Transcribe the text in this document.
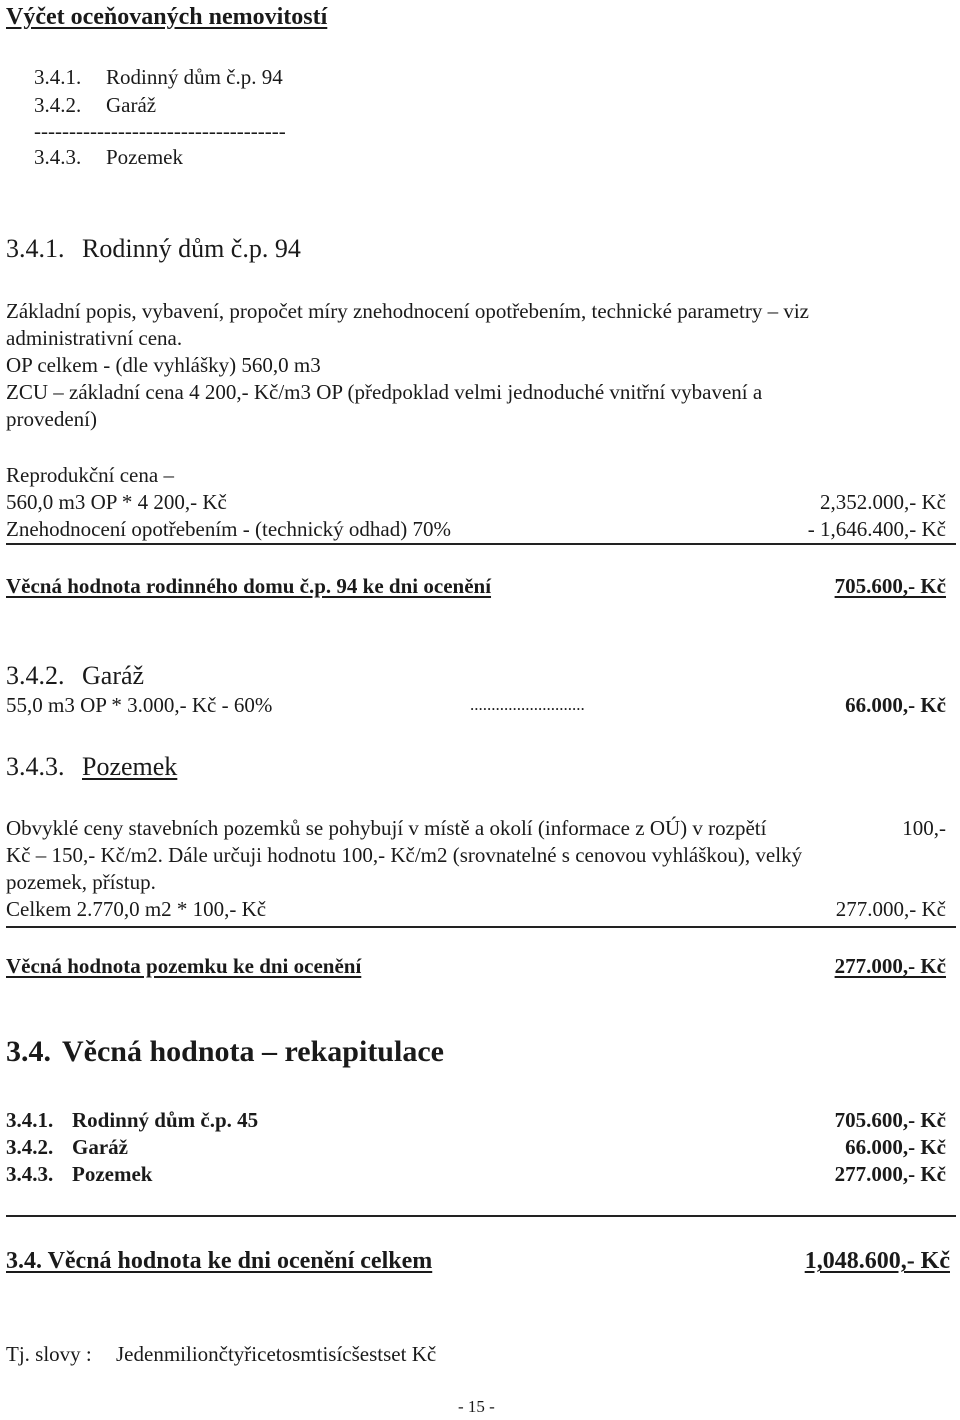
Výčet oceňovaných nemovitostí
3.4.1. Rodinný dům č.p. 94
3.4.2. Garáž
------------------------------------
3.4.3. Pozemek
3.4.1. Rodinný dům č.p. 94
Základní popis, vybavení, propočet míry znehodnocení opotřebením, technické parametry – viz
administrativní cena.
OP celkem - (dle vyhlášky) 560,0 m3
ZCU – základní cena 4 200,- Kč/m3 OP (předpoklad velmi jednoduché vnitřní vybavení a
provedení)
Reprodukční cena –
560,0 m3 OP * 4 200,- Kč	2,352.000,- Kč
Znehodnocení opotřebením - (technický odhad) 70%	- 1,646.400,- Kč
Věcná hodnota rodinného domu č.p. 94 ke dni ocenění	705.600,- Kč
3.4.2. Garáž
55,0 m3 OP * 3.000,- Kč - 60%	...........................	66.000,- Kč
3.4.3. Pozemek
Obvyklé ceny stavebních pozemků se pohybují v místě a okolí (informace z OÚ) v rozpětí	100,-
Kč – 150,- Kč/m2. Dále určuji hodnotu 100,- Kč/m2 (srovnatelné s cenovou vyhláškou), velký
pozemek, přístup.
Celkem 2.770,0 m2 * 100,- Kč	277.000,- Kč
Věcná hodnota pozemku ke dni ocenění	277.000,- Kč
3.4. Věcná hodnota – rekapitulace
3.4.1. Rodinný dům č.p. 45	705.600,- Kč
3.4.2. Garáž	66.000,- Kč
3.4.3. Pozemek	277.000,- Kč
3.4. Věcná hodnota ke dni ocenění celkem	1,048.600,- Kč
Tj. slovy : Jedenmiliončtyřicetosmtisícšestset Kč
- 15 -
